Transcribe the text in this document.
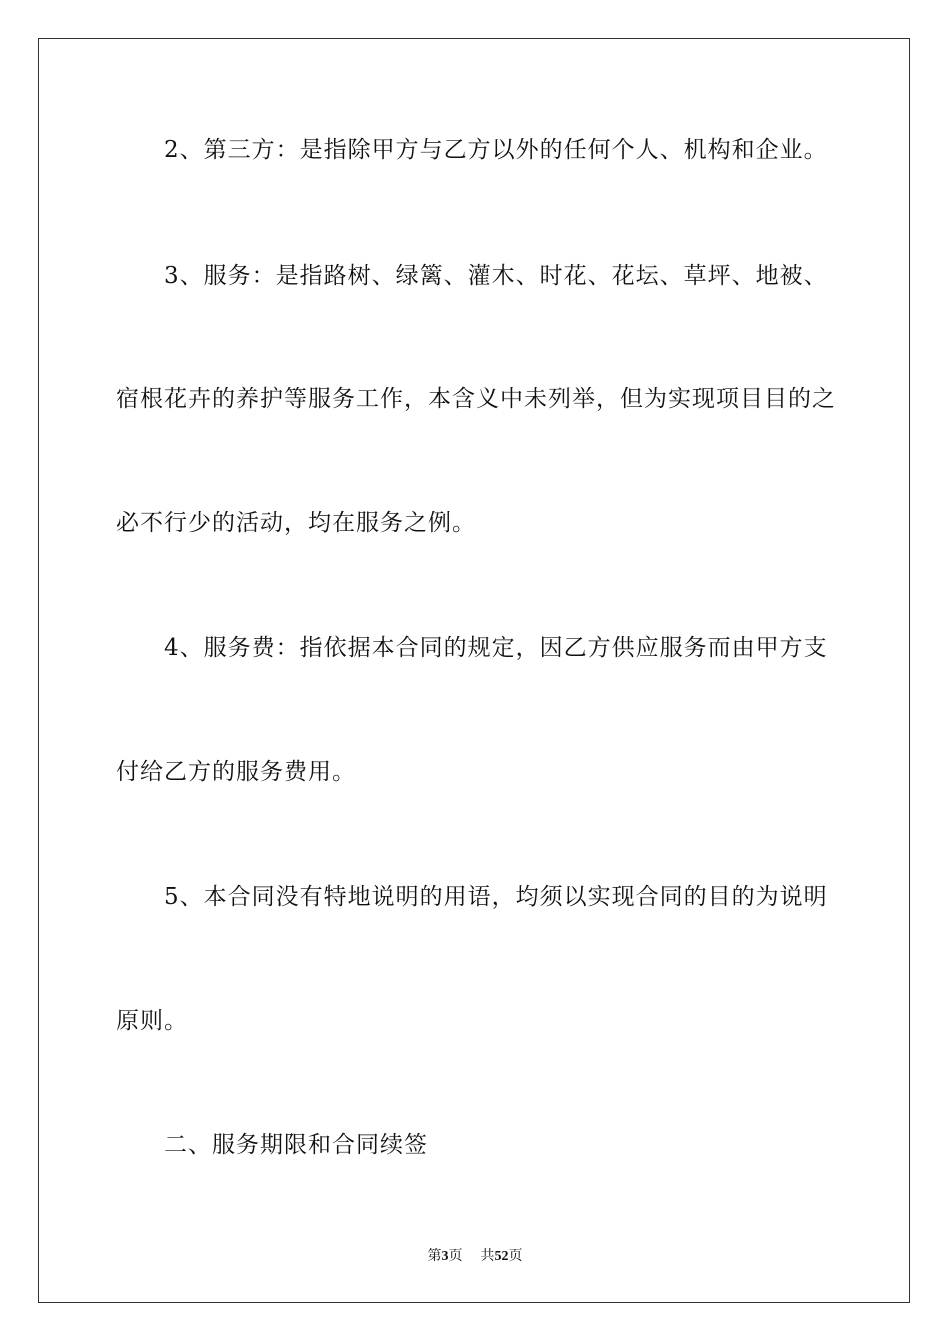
2、第三方：是指除甲方与乙方以外的任何个人、机构和企业。
3、服务：是指路树、绿篱、灌木、时花、花坛、草坪、地被、
宿根花卉的养护等服务工作，本含义中未列举，但为实现项目目的之
必不行少的活动，均在服务之例。
4、服务费：指依据本合同的规定，因乙方供应服务而由甲方支
付给乙方的服务费用。
5、本合同没有特地说明的用语，均须以实现合同的目的为说明
原则。
二、服务期限和合同续签
第3页 共52页
